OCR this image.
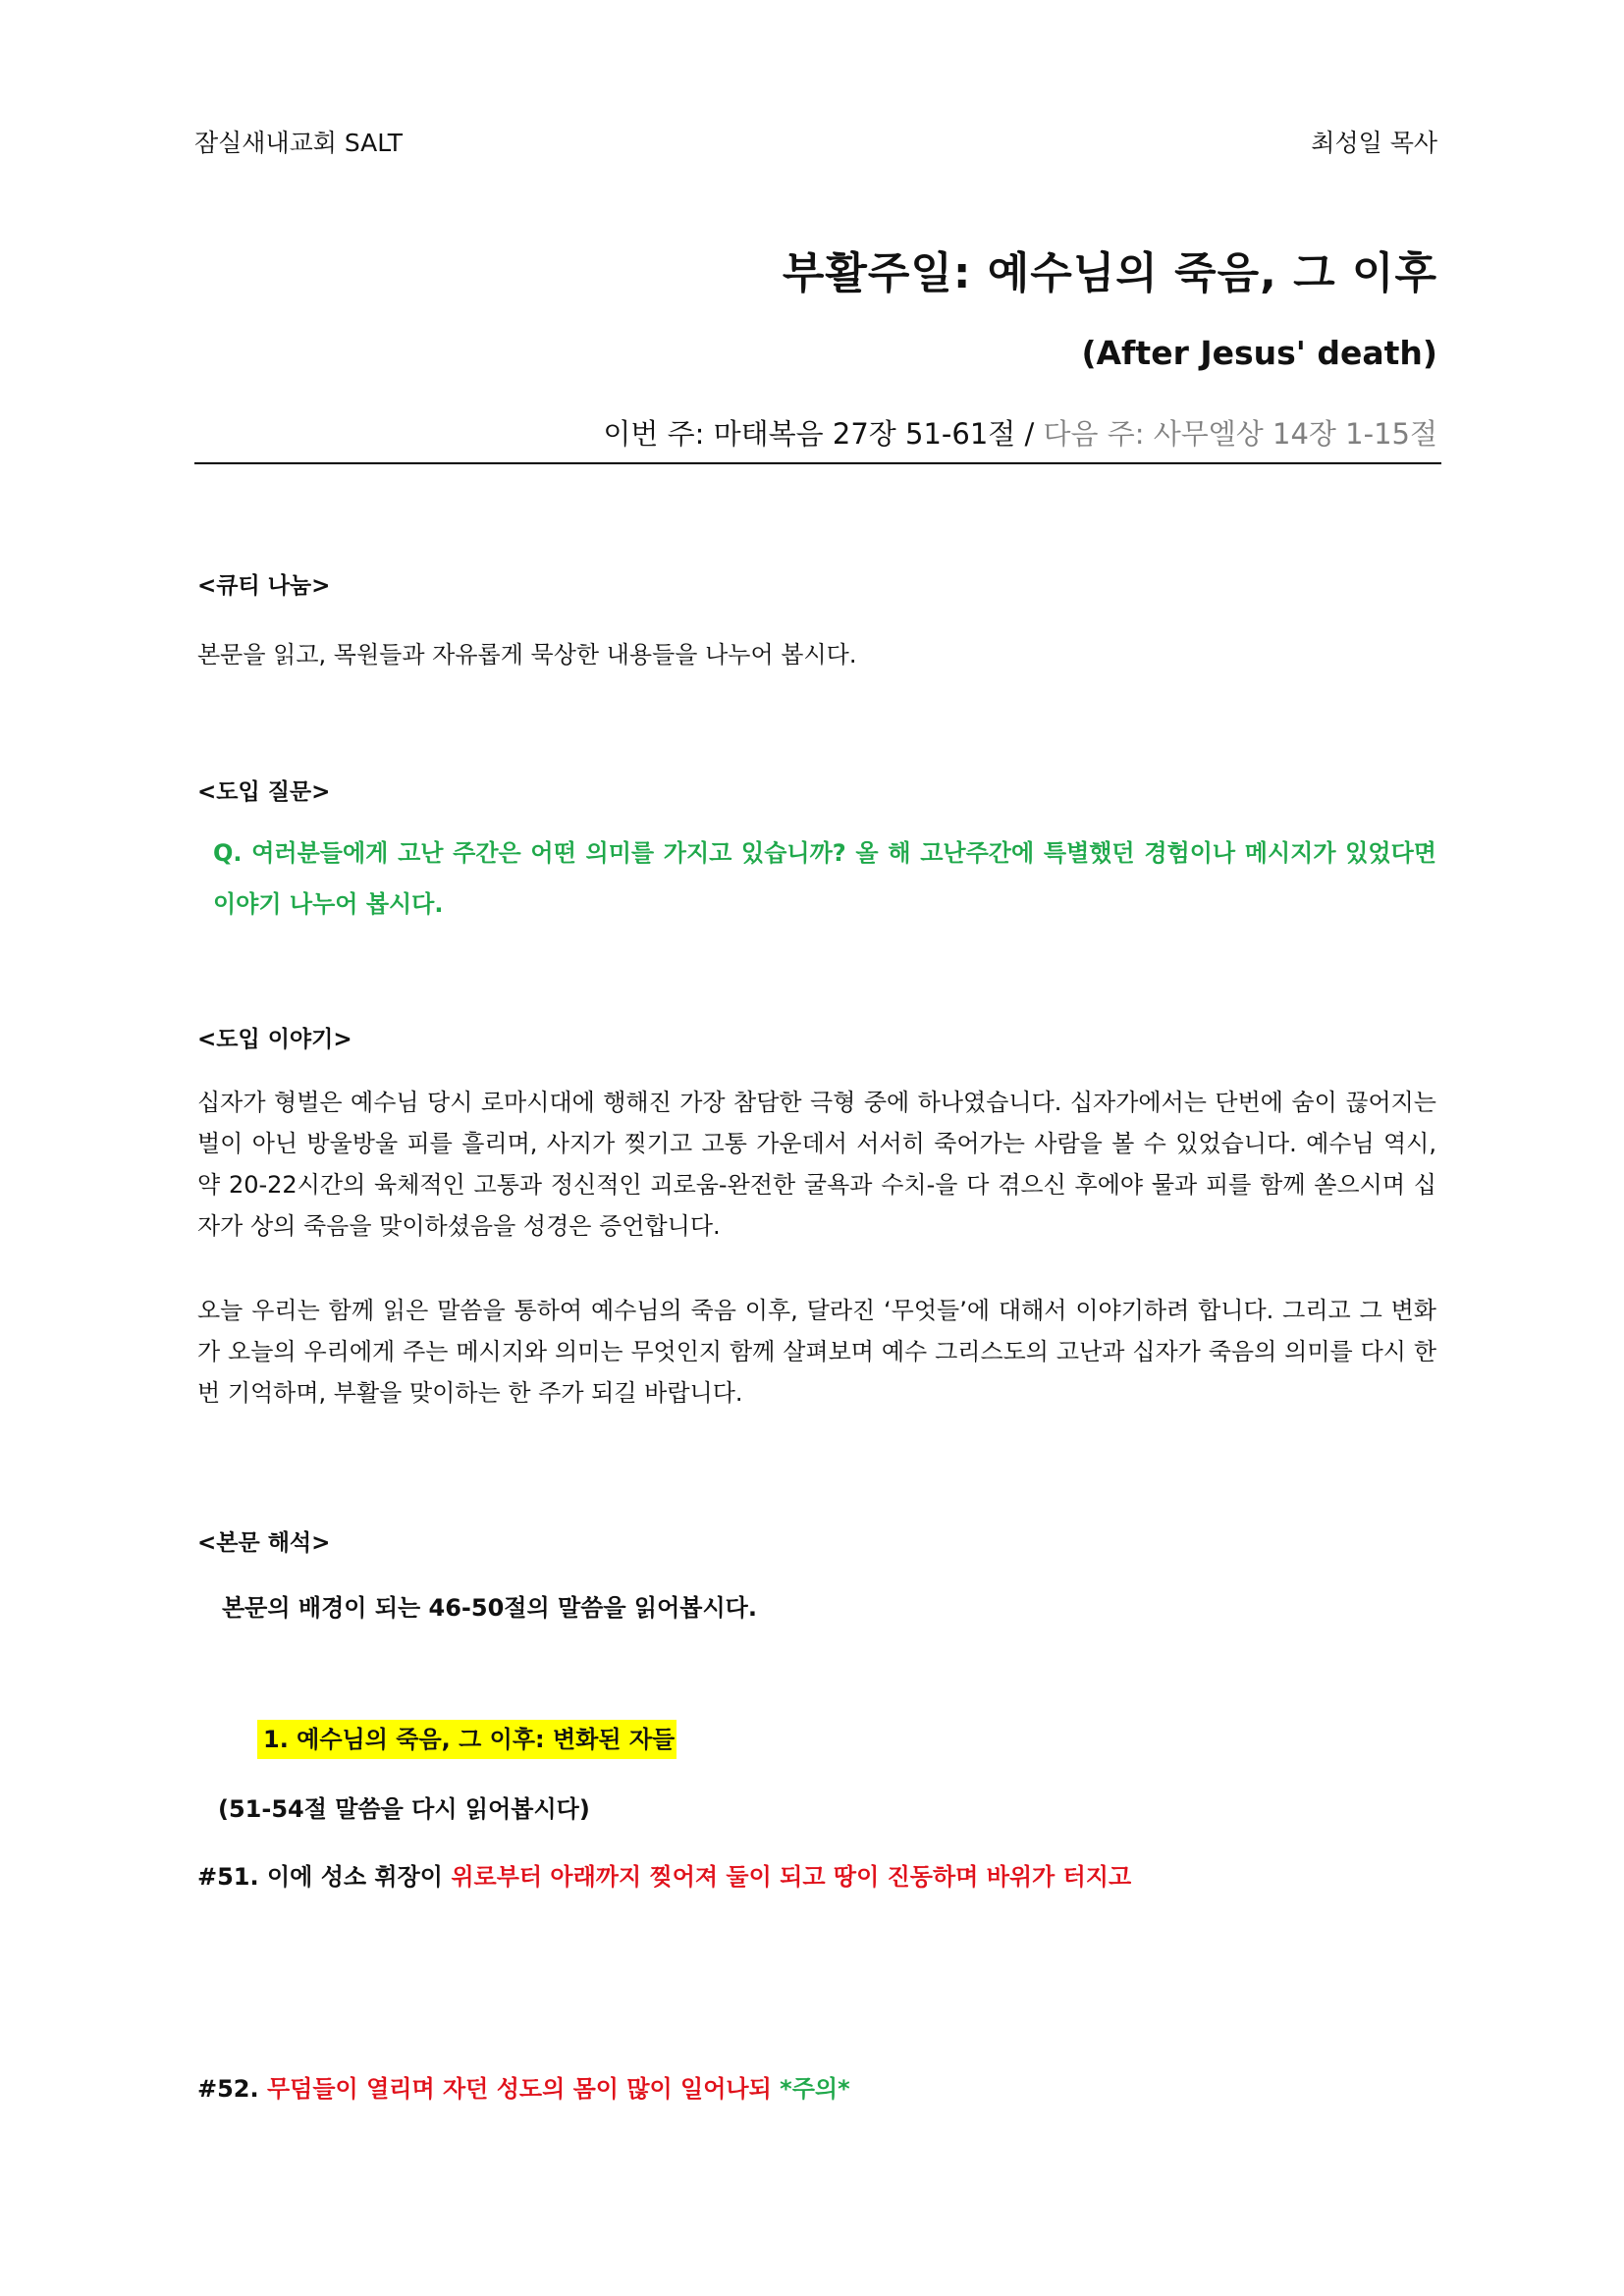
잠실새내교회 SALT	최성일 목사
부활주일: 예수님의 죽음, 그 이후
(After Jesus' death)
이번 주: 마태복음 27장 51-61절 / 다음 주: 사무엘상 14장 1-15절
<큐티 나눔>
본문을 읽고, 목원들과 자유롭게 묵상한 내용들을 나누어 봅시다.
<도입 질문>
Q. 여러분들에게 고난 주간은 어떤 의미를 가지고 있습니까? 올 해 고난주간에 특별했던 경험이나 메시지가 있었다면 이야기 나누어 봅시다.
<도입 이야기>
십자가 형벌은 예수님 당시 로마시대에 행해진 가장 참담한 극형 중에 하나였습니다. 십자가에서는 단번에 숨이 끊어지는 벌이 아닌 방울방울 피를 흘리며, 사지가 찢기고 고통 가운데서 서서히 죽어가는 사람을 볼 수 있었습니다. 예수님 역시, 약 20-22시간의 육체적인 고통과 정신적인 괴로움-완전한 굴욕과 수치-을 다 겪으신 후에야 물과 피를 함께 쏟으시며 십자가 상의 죽음을 맞이하셨음을 성경은 증언합니다.
오늘 우리는 함께 읽은 말씀을 통하여 예수님의 죽음 이후, 달라진 ‘무엇들’에 대해서 이야기하려 합니다. 그리고 그 변화가 오늘의 우리에게 주는 메시지와 의미는 무엇인지 함께 살펴보며 예수 그리스도의 고난과 십자가 죽음의 의미를 다시 한 번 기억하며, 부활을 맞이하는 한 주가 되길 바랍니다.
<본문 해석>
본문의 배경이 되는 46-50절의 말씀을 읽어봅시다.
1. 예수님의 죽음, 그 이후: 변화된 자들
(51-54절 말씀을 다시 읽어봅시다)
#51. 이에 성소 휘장이 위로부터 아래까지 찢어져 둘이 되고 땅이 진동하며 바위가 터지고
#52. 무덤들이 열리며 자던 성도의 몸이 많이 일어나되 *주의*
